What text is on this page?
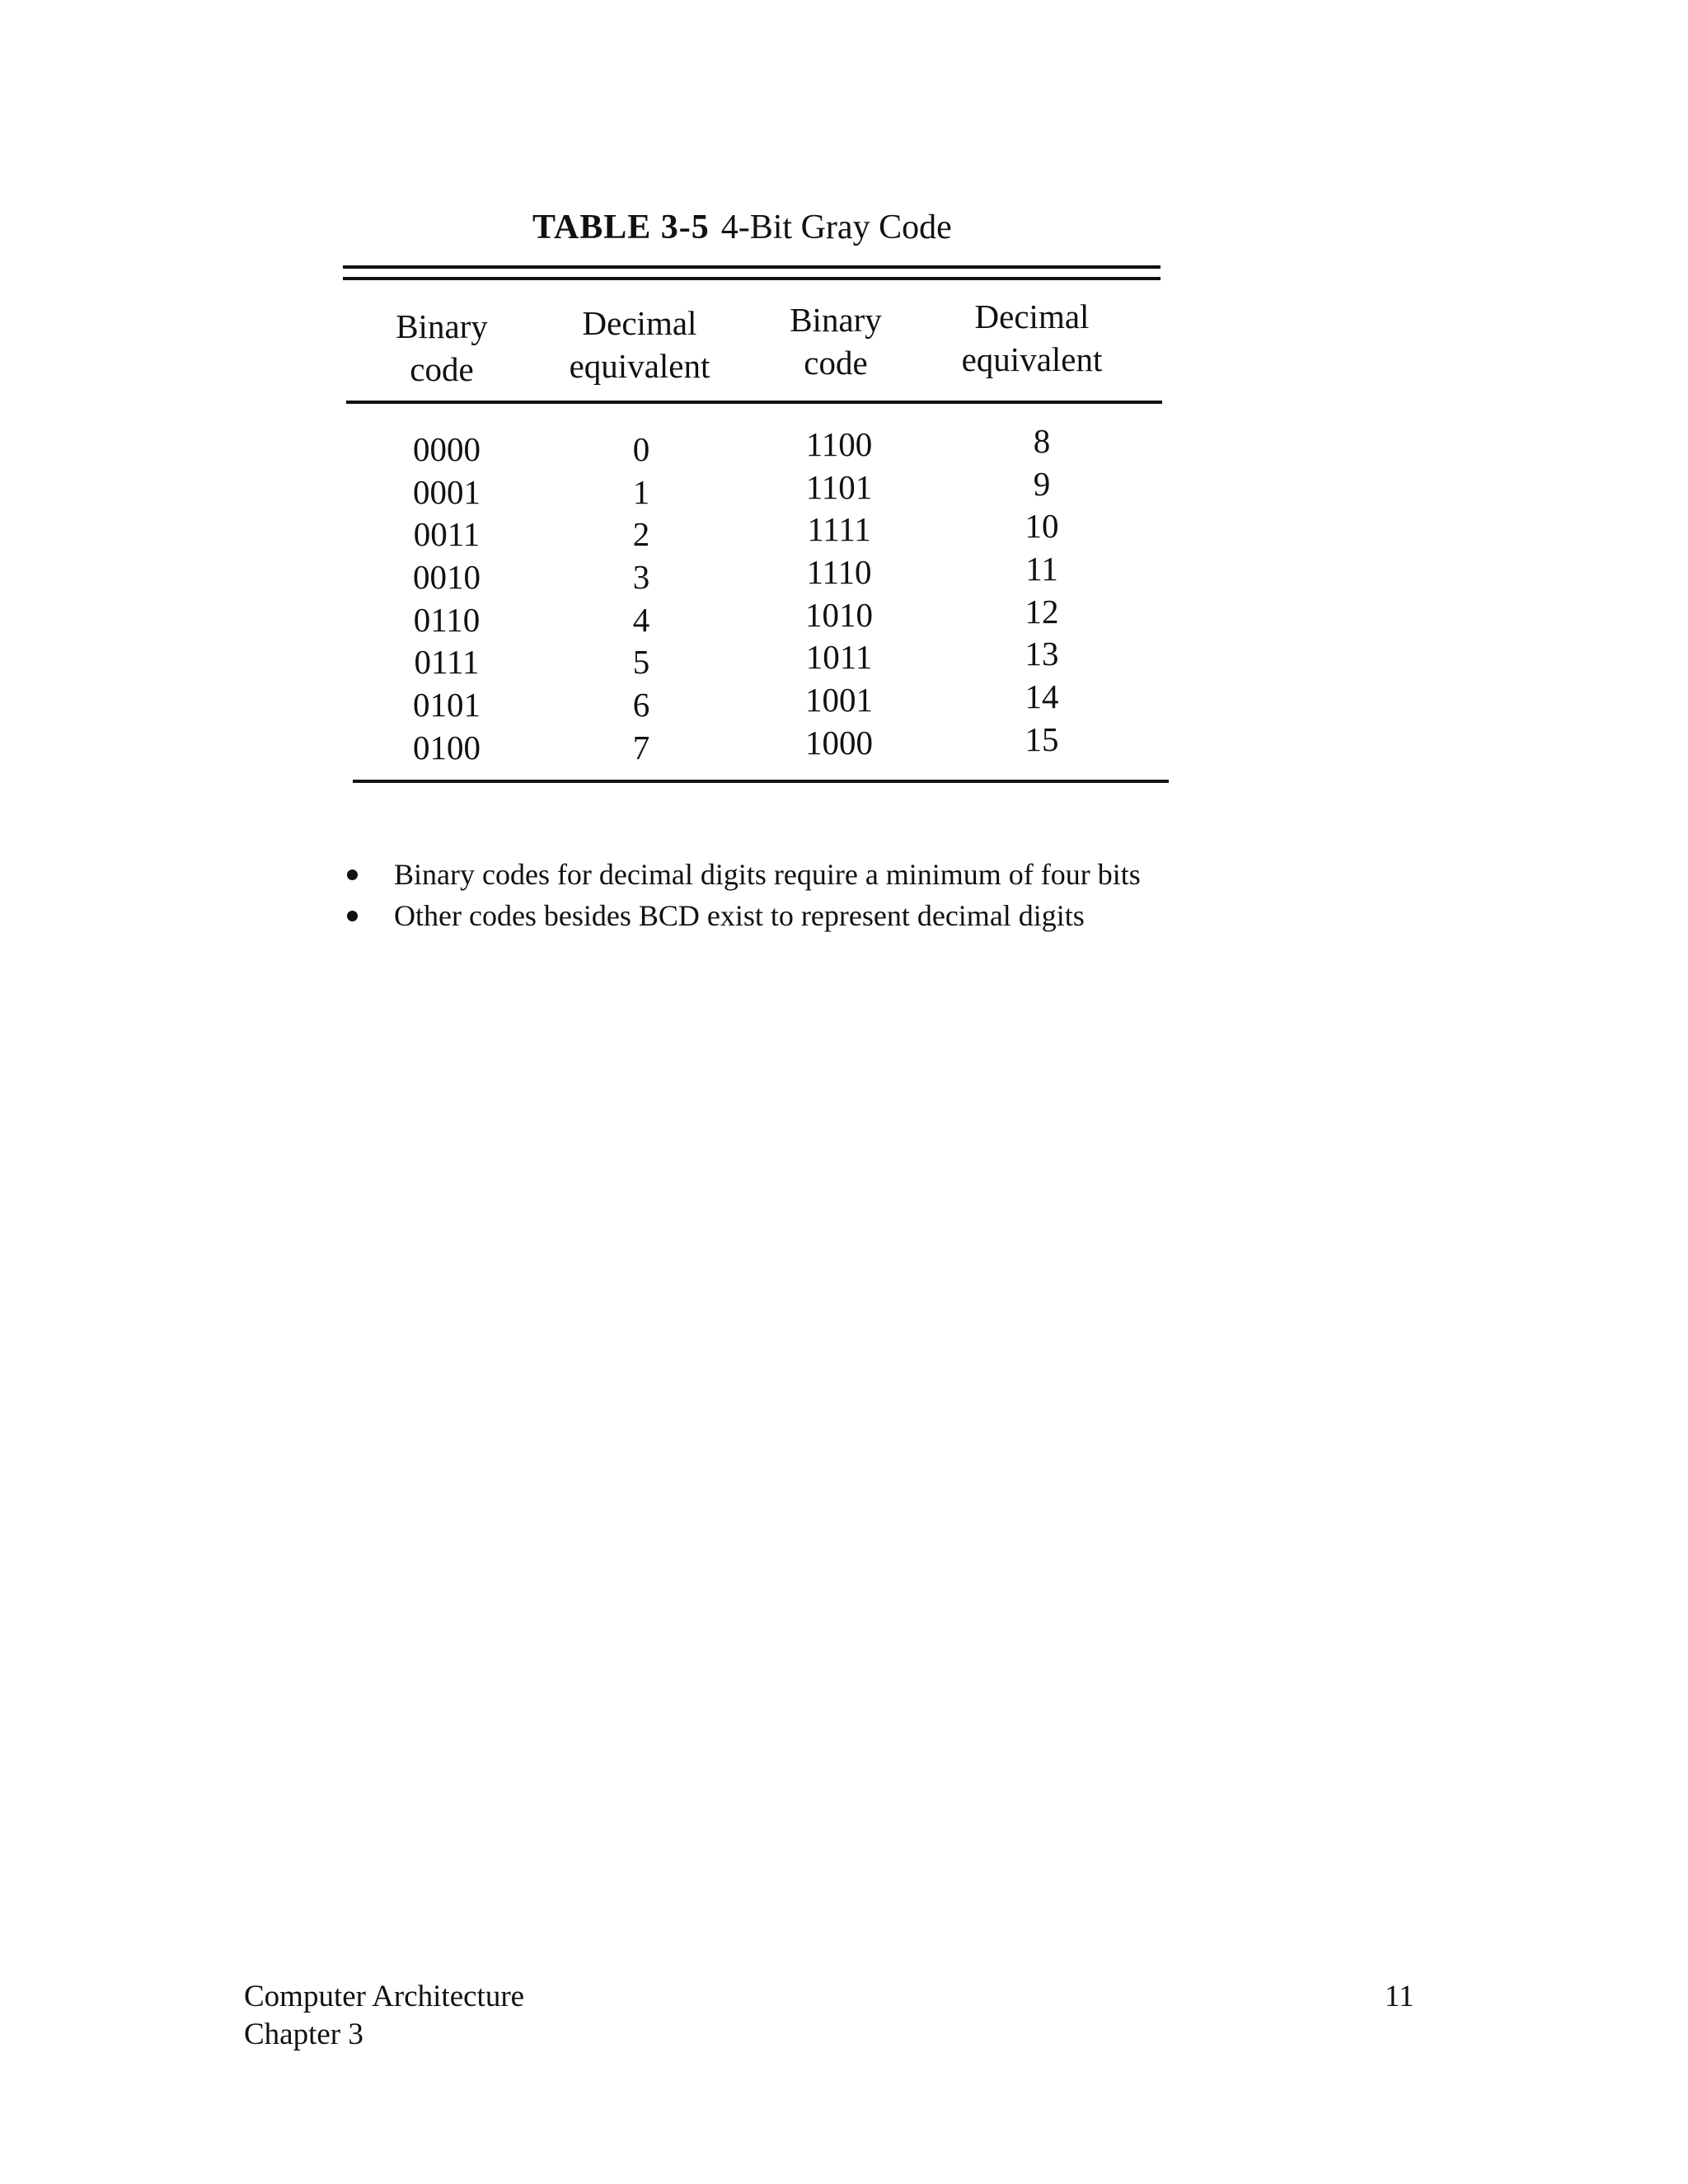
TABLE 3-5 4-Bit Gray Code
Binary
code
Decimal
equivalent
Binary
code
Decimal
equivalent
0000
0001
0011
0010
0110
0111
0101
0100
0
1
2
3
4
5
6
7
1100
1101
1111
1110
1010
1011
1001
1000
8
9
10
11
12
13
14
15
Binary codes for decimal digits require a minimum of four bits
Other codes besides BCD exist to represent decimal digits
Computer Architecture
Chapter 3
11
